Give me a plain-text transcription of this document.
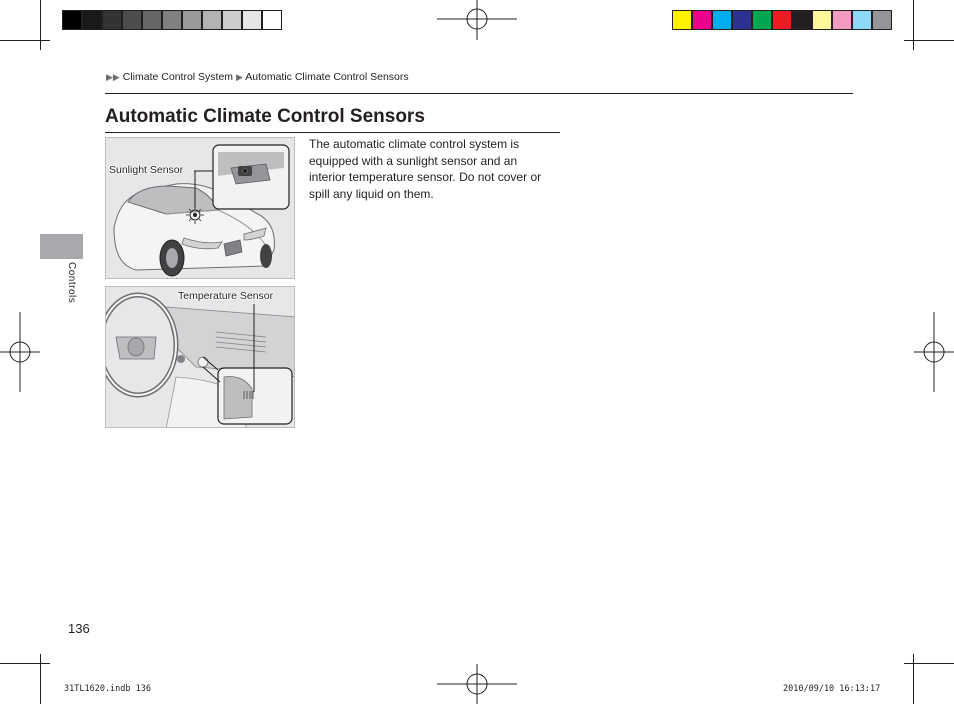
▶▶ Climate Control System ▶ Automatic Climate Control Sensors
Automatic Climate Control Sensors
The automatic climate control system is
equipped with a sunlight sensor and an
interior temperature sensor. Do not cover or
spill any liquid on them.
Sunlight Sensor
Temperature Sensor
Controls
136
31TL1620.indb 136	2010/09/10 16:13:17
